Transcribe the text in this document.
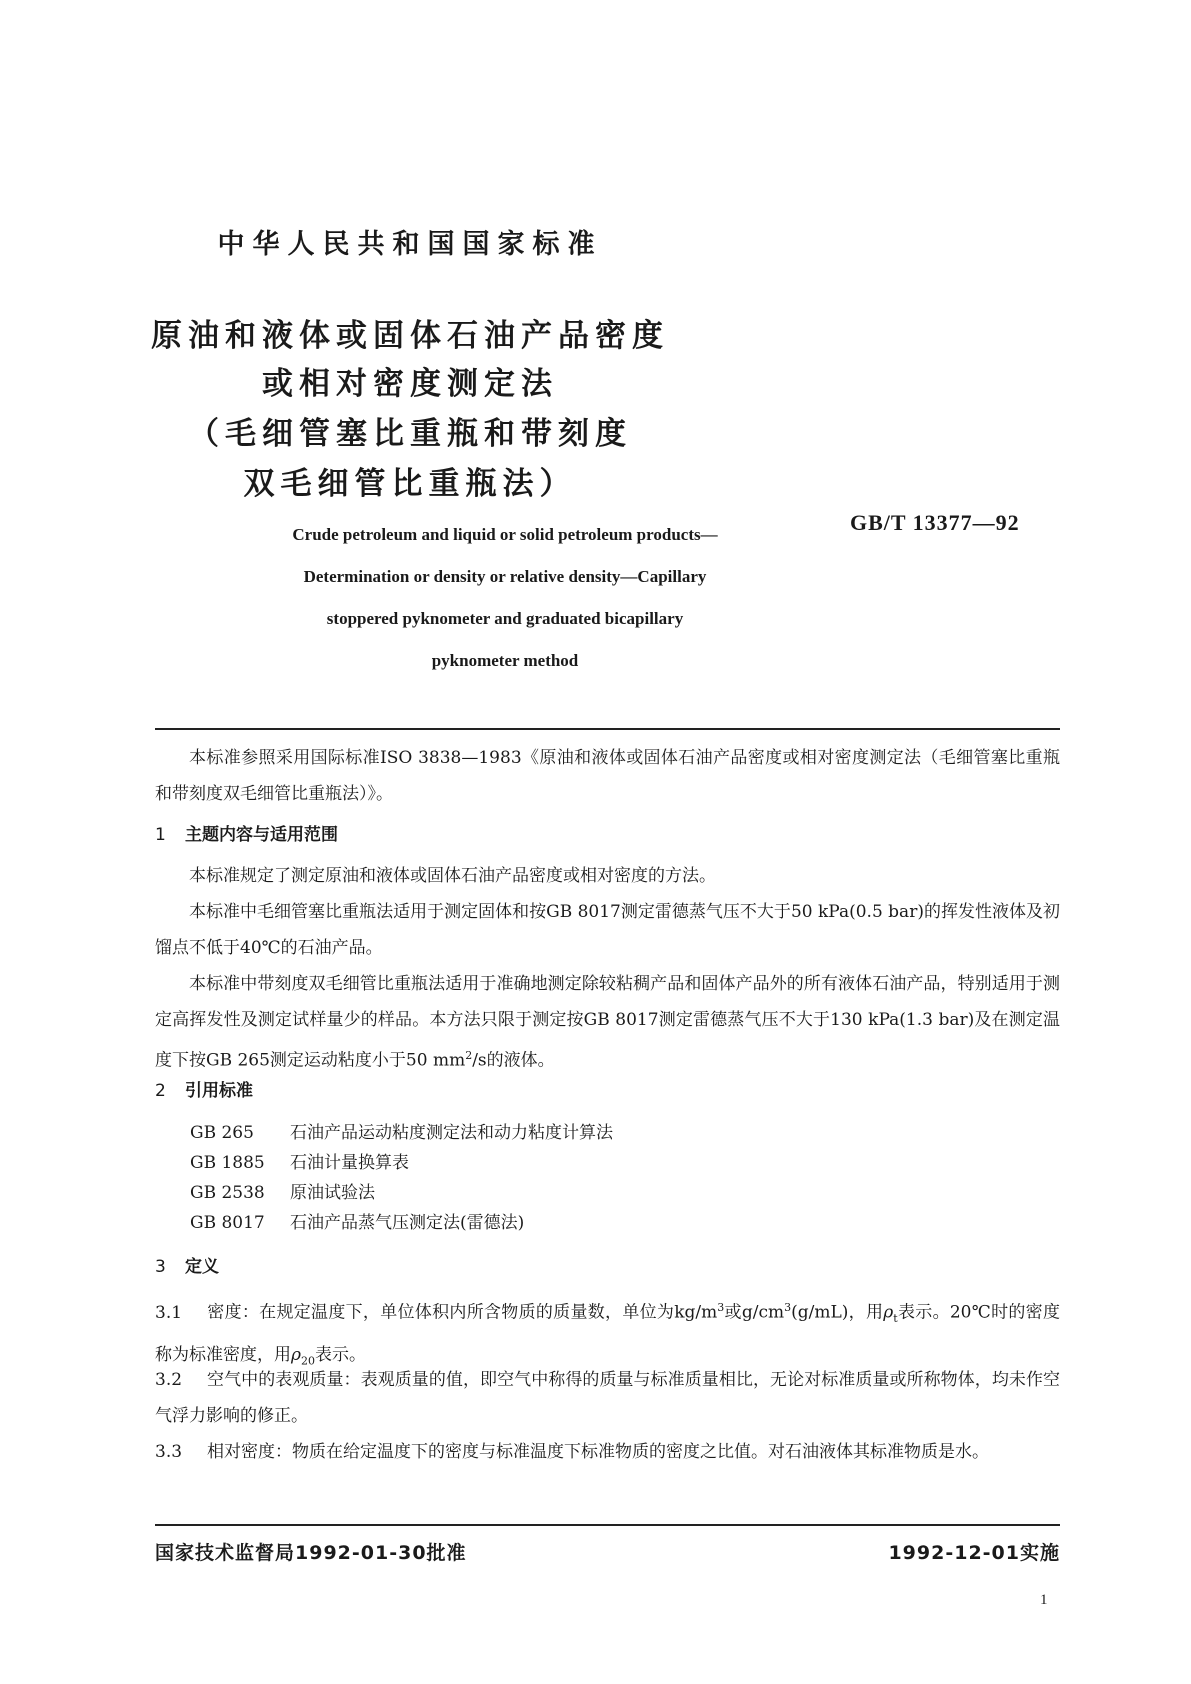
中华人民共和国国家标准
原油和液体或固体石油产品密度
或相对密度测定法
（毛细管塞比重瓶和带刻度
双毛细管比重瓶法）
GB/T 13377—92
Crude petroleum and liquid or solid petroleum products—
Determination or density or relative density—Capillary
stoppered pyknometer and graduated bicapillary
pyknometer method
本标准参照采用国际标准ISO 3838—1983《原油和液体或固体石油产品密度或相对密度测定法（毛细管塞比重瓶和带刻度双毛细管比重瓶法）》。
1 主题内容与适用范围
本标准规定了测定原油和液体或固体石油产品密度或相对密度的方法。
本标准中毛细管塞比重瓶法适用于测定固体和按GB 8017测定雷德蒸气压不大于50 kPa(0.5 bar)的挥发性液体及初馏点不低于40℃的石油产品。
本标准中带刻度双毛细管比重瓶法适用于准确地测定除较粘稠产品和固体产品外的所有液体石油产品，特别适用于测定高挥发性及测定试样量少的样品。本方法只限于测定按GB 8017测定雷德蒸气压不大于130 kPa(1.3 bar)及在测定温度下按GB 265测定运动粘度小于50 $mm^2/s$的液体。
2 引用标准
GB 265 石油产品运动粘度测定法和动力粘度计算法
GB 1885 石油计量换算表
GB 2538 原油试验法
GB 8017 石油产品蒸气压测定法(雷德法)
3 定义
3.1 密度：在规定温度下，单位体积内所含物质的质量数，单位为$kg/m^3$或$g/cm^3(g/mL)$，用$\rho_t$表示。20℃时的密度称为标准密度，用$\rho_{20}$表示。
3.2 空气中的表观质量：表观质量的值，即空气中称得的质量与标准质量相比，无论对标准质量或所称物体，均未作空气浮力影响的修正。
3.3 相对密度：物质在给定温度下的密度与标准温度下标准物质的密度之比值。对石油液体其标准物质是水。
国家技术监督局1992-01-30批准	1992-12-01实施
1
